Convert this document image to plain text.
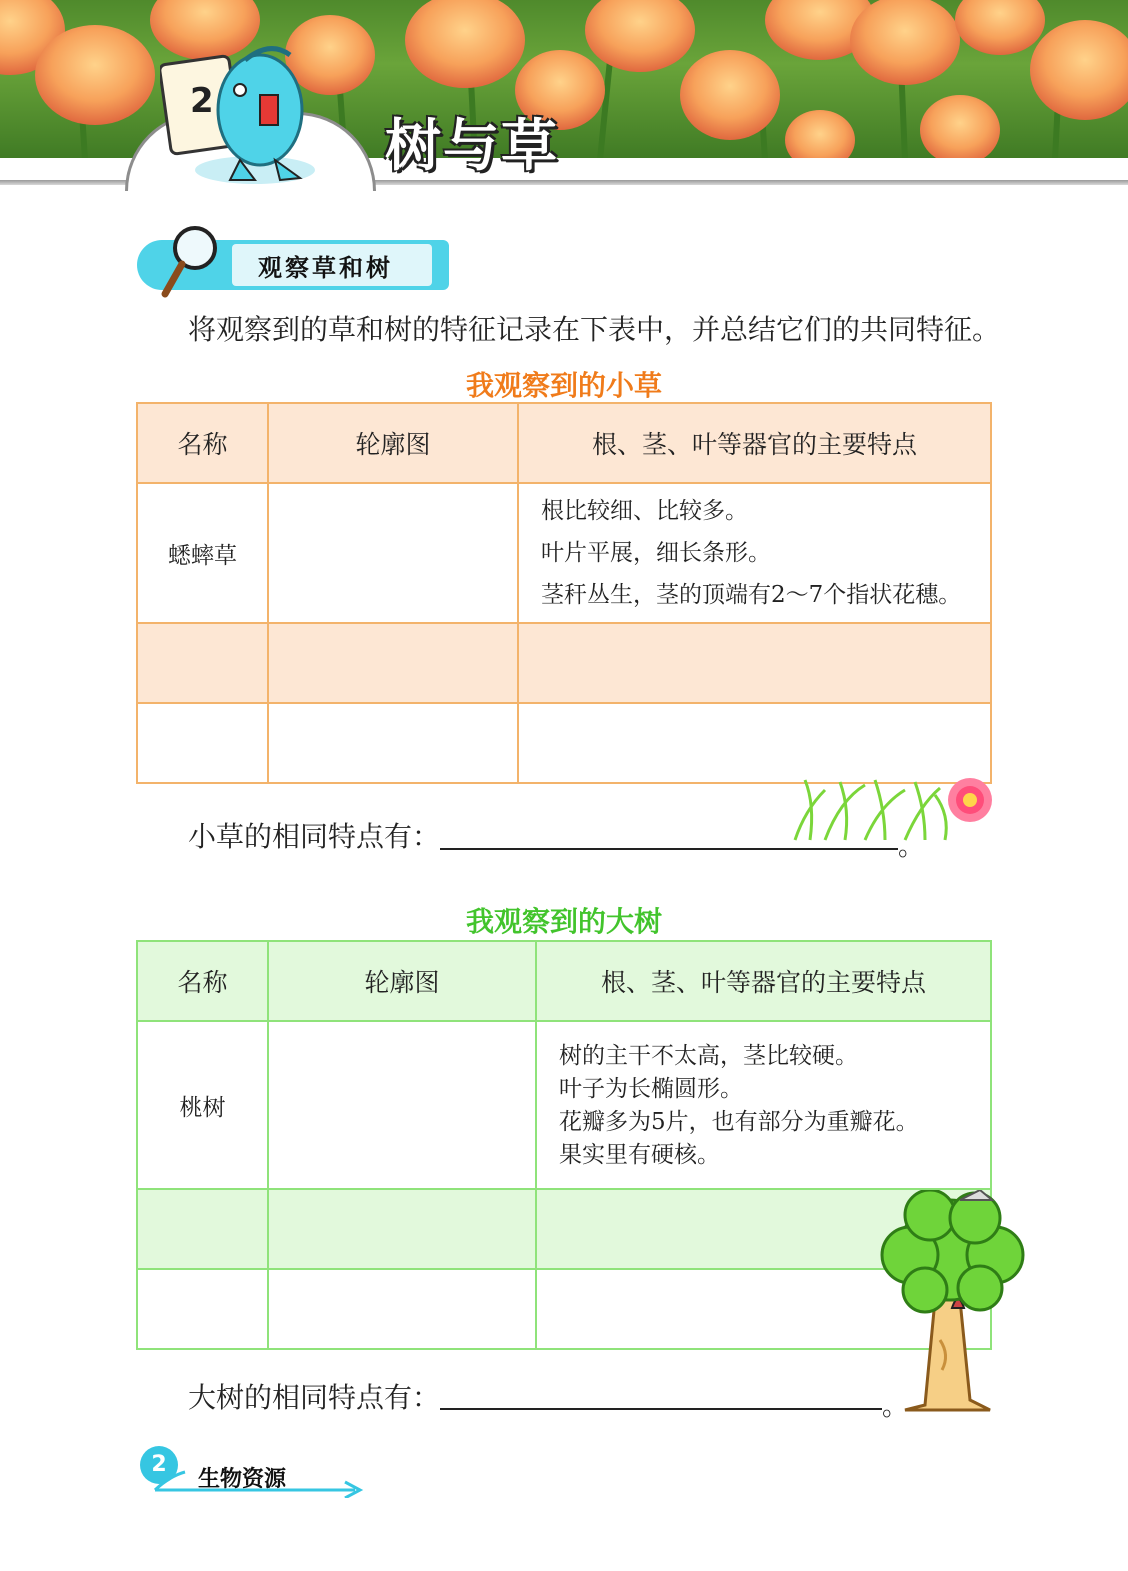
2
树与草
观察草和树
将观察到的草和树的特征记录在下表中，并总结它们的共同特征。
我观察到的小草
名称	轮廓图	根、茎、叶等器官的主要特点
蟋蟀草		根比较细、比较多。

叶片平展，细长条形。

茎秆丛生，茎的顶端有2～7个指状花穗。

小草的相同特点有：	。
我观察到的大树
名称	轮廓图	根、茎、叶等器官的主要特点
桃树		树的主干不太高，茎比较硬。

叶子为长椭圆形。

花瓣多为5片，也有部分为重瓣花。

果实里有硬核。

大树的相同特点有：	。
2
生物资源
